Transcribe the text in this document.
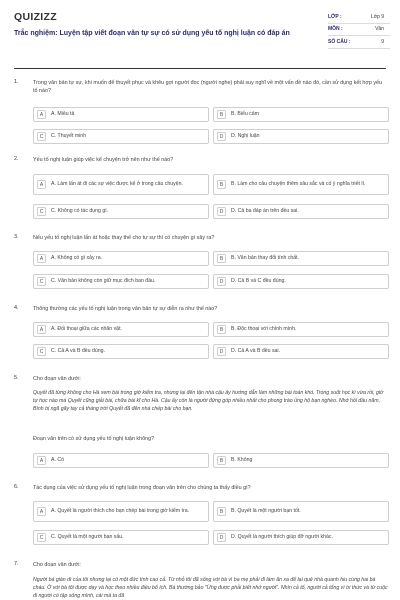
QUIZIZZ
Trắc nghiệm: Luyện tập viết đoạn văn tự sự có sử dụng yếu tố nghị luận có đáp án
LỚP :	Lớp 9
MÔN :	Văn
SỐ CÂU :	9
1.	Trong văn bản tự sự, khi muốn để thuyết phục và khêu gợi người đọc (người nghe) phải suy nghĩ về một vấn đề nào đó, cần sử dụng kết hợp yếu tố nào?
A	A. Miêu tả	B	B. Biểu cảm
C	C. Thuyết minh	D	D. Nghị luận
2.	Yếu tố nghị luận giúp việc kể chuyện trở nên như thế nào?
A	A. Làm lấn át đi các sự việc được kể ở trong câu chuyện.	B	B. Làm cho câu chuyện thêm sâu sắc và có ý nghĩa triết lí.
C	C. Không có tác dụng gì.	D	D. Cả ba đáp án trên đều sai.
3.	Nếu yếu tố nghị luận lấn át hoặc thay thế cho tự sự thì có chuyện gì xảy ra?
A	A. Không có gì xảy ra.	B	B. Văn bản thay đổi tính chất.
C	C. Văn bản không còn giữ mục đích ban đầu.	D	D. Cả B và C đều đúng.
4.	Thông thường các yếu tố nghị luận trong văn bản tự sự diễn ra như thế nào?
A	A. Đối thoại giữa các nhân vật.	B	B. Độc thoại với chính mình.
C	C. Cả A và B đều đúng.	D	D. Cả A và B đều sai.
5.	Cho đoạn văn dưới:
Quyết đã từng không cho Hà xem bài trong giờ kiểm tra, nhưng lại đến tận nhà cậu ấy hướng dẫn làm những bài toán khó. Trong suốt học kì vừa rồi, giờ tự học nào mà Quyết cũng giải bài, chữa bài kĩ cho Hà. Cậu ấy còn là người đứng góp nhiều nhất cho phong trào ủng hộ bạn nghèo. Nhớ hồi đầu năm, Bình bị ngã gãy tay cả tháng trời Quyết đã đến nhà chép bài cho bạn.
Đoạn văn trên có sử dụng yếu tố nghị luận không?
A	A. Có	B	B. Không
6.	Tác dụng của việc sử dụng yếu tố nghị luận trong đoạn văn trên cho chúng ta thấy điều gì?
A	A. Quyết là người thích cho bạn chép bài trong giờ kiểm tra.	B	B. Quyết là một người bạn tốt.
C	C. Quyết là một người bạn xấu.	D	D. Quyết là người thích giúp đỡ người khác.
7.	Cho đoạn văn dưới:
Người bà giàn dì của tôi nhưng lại có một đức tính cao cả. Từ nhỏ tôi đã sống với bà vì ba mẹ phải đi làm ăn xa để lại quê nhà quanh hiu cùng hai bà cháu. Ở với bà tôi được dạy và học theo nhiều điều bổ ích. Bà thường bảo "Ừng được phải biết nhớ người". Nhìn cả tổ, người cả tổng vì tri thức và từ cuộc đi người có tập sống mình, cái mà ta đã
